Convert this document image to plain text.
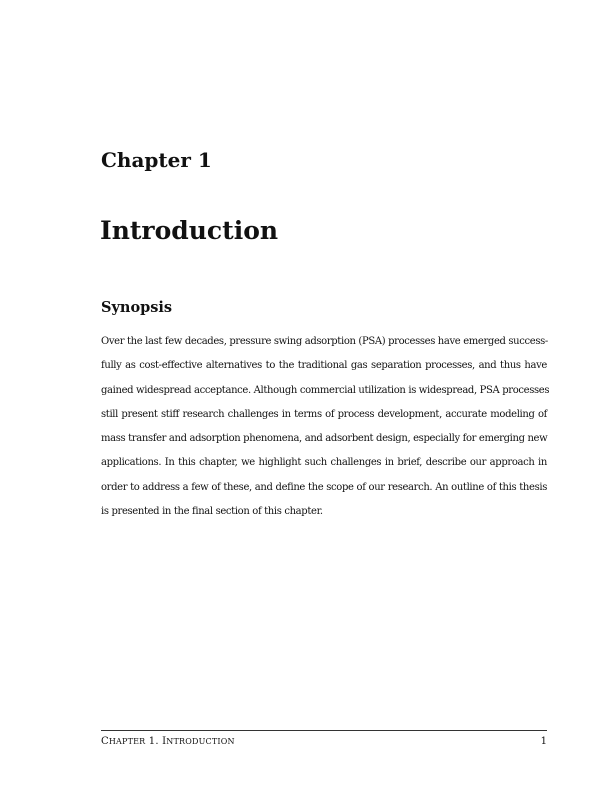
Chapter 1
Introduction
Synopsis

Over the last few decades, pressure swing adsorption (PSA) processes have emerged success-
fully as cost-effective alternatives to the traditional gas separation processes, and thus have
gained widespread acceptance. Although commercial utilization is widespread, PSA processes
still present stiff research challenges in terms of process development, accurate modeling of
mass transfer and adsorption phenomena, and adsorbent design, especially for emerging new
applications. In this chapter, we highlight such challenges in brief, describe our approach in
order to address a few of these, and define the scope of our research. An outline of this thesis
is presented in the final section of this chapter.

CHAPTER 1. INTRODUCTION	1
